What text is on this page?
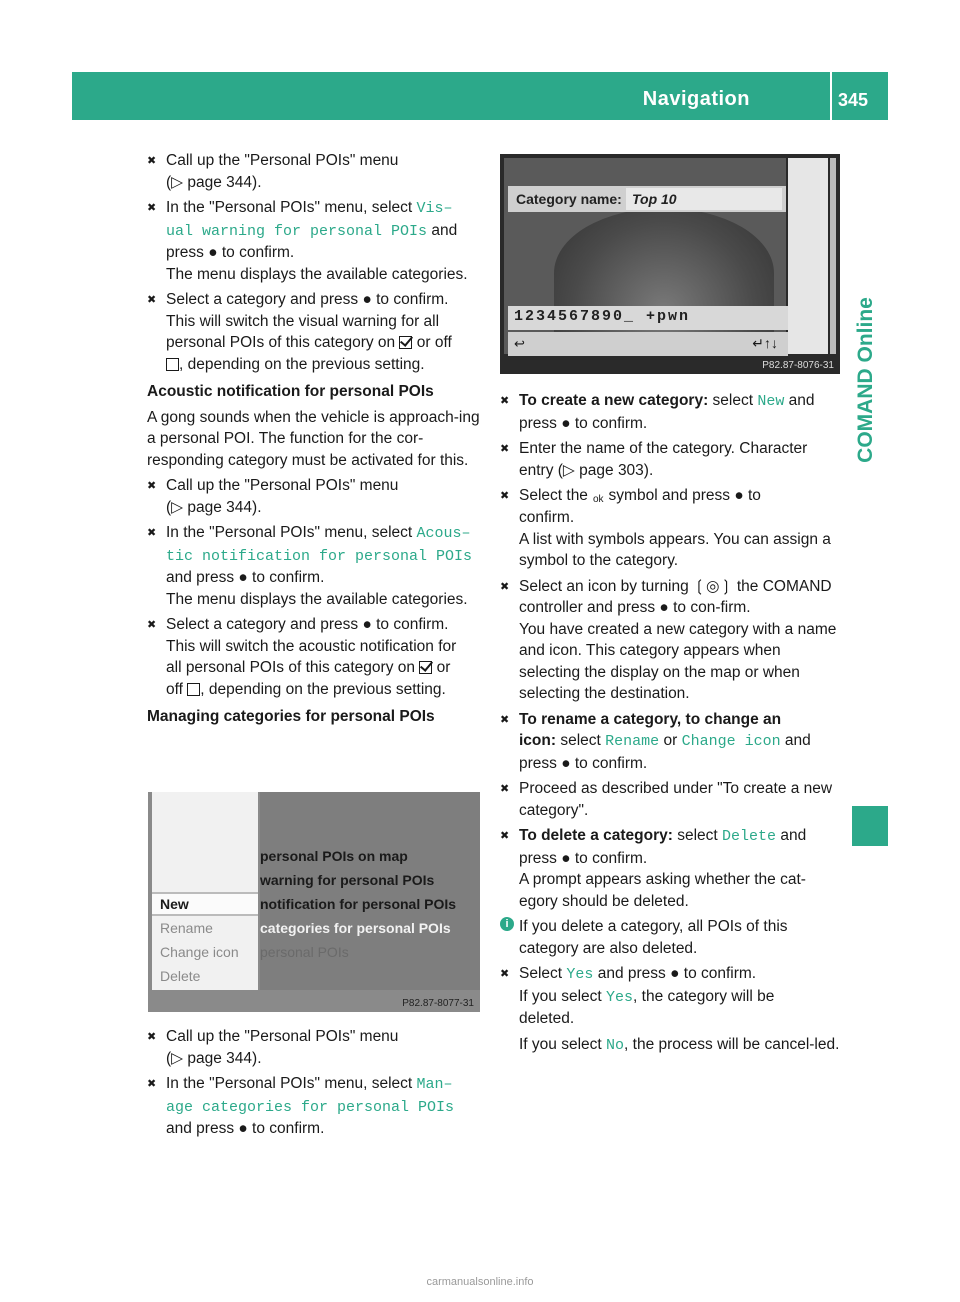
Navigation	345
COMAND Online
✖ Call up the "Personal POIs" menu
(▷ page 344).
✖ In the "Personal POIs" menu, select Vis–
ual warning for personal POIs and
press ● to confirm.
The menu displays the available categories.
✖ Select a category and press ● to confirm.
This will switch the visual warning for all
personal POIs of this category on  or off
, depending on the previous setting.
Acoustic notification for personal POIs
A gong sounds when the vehicle is approach-ing a personal POI. The function for the cor-responding category must be activated for this.
✖ Call up the "Personal POIs" menu
(▷ page 344).
✖ In the "Personal POIs" menu, select Acous–
tic notification for personal POIs
and press ● to confirm.
The menu displays the available categories.
✖ Select a category and press ● to confirm.
This will switch the acoustic notification for
all personal POIs of this category on  or
off , depending on the previous setting.
Managing categories for personal POIs
New
Rename
Change icon
Delete
personal POIs on map
warning for personal POIs
notification for personal POIs
categories for personal POIs
personal POIs
P82.87-8077-31
✖ Call up the "Personal POIs" menu
(▷ page 344).
✖ In the "Personal POIs" menu, select Man–
age categories for personal POIs
and press ● to confirm.
Category name: Top 10
1234567890_ +pwn
↩	↵↑↓
P82.87-8076-31
✖ To create a new category: select New and
press ● to confirm.
✖ Enter the name of the category. Character entry (▷ page 303).
✖ Select the ok symbol and press ● to
confirm.
A list with symbols appears. You can assign a symbol to the category.
✖ Select an icon by turning ❲◎❳ the COMAND controller and press ● to con-firm.
You have created a new category with a name and icon. This category appears when selecting the display on the map or when selecting the destination.
✖ To rename a category, to change an
icon: select Rename or Change icon and
press ● to confirm.
✖ Proceed as described under "To create a new category".
✖ To delete a category: select Delete and
press ● to confirm.
A prompt appears asking whether the cat-egory should be deleted.
i If you delete a category, all POIs of this category are also deleted.
✖ Select Yes and press ● to confirm.
If you select Yes, the category will be
deleted.
If you select No, the process will be cancel-led.
carmanualsonline.info
